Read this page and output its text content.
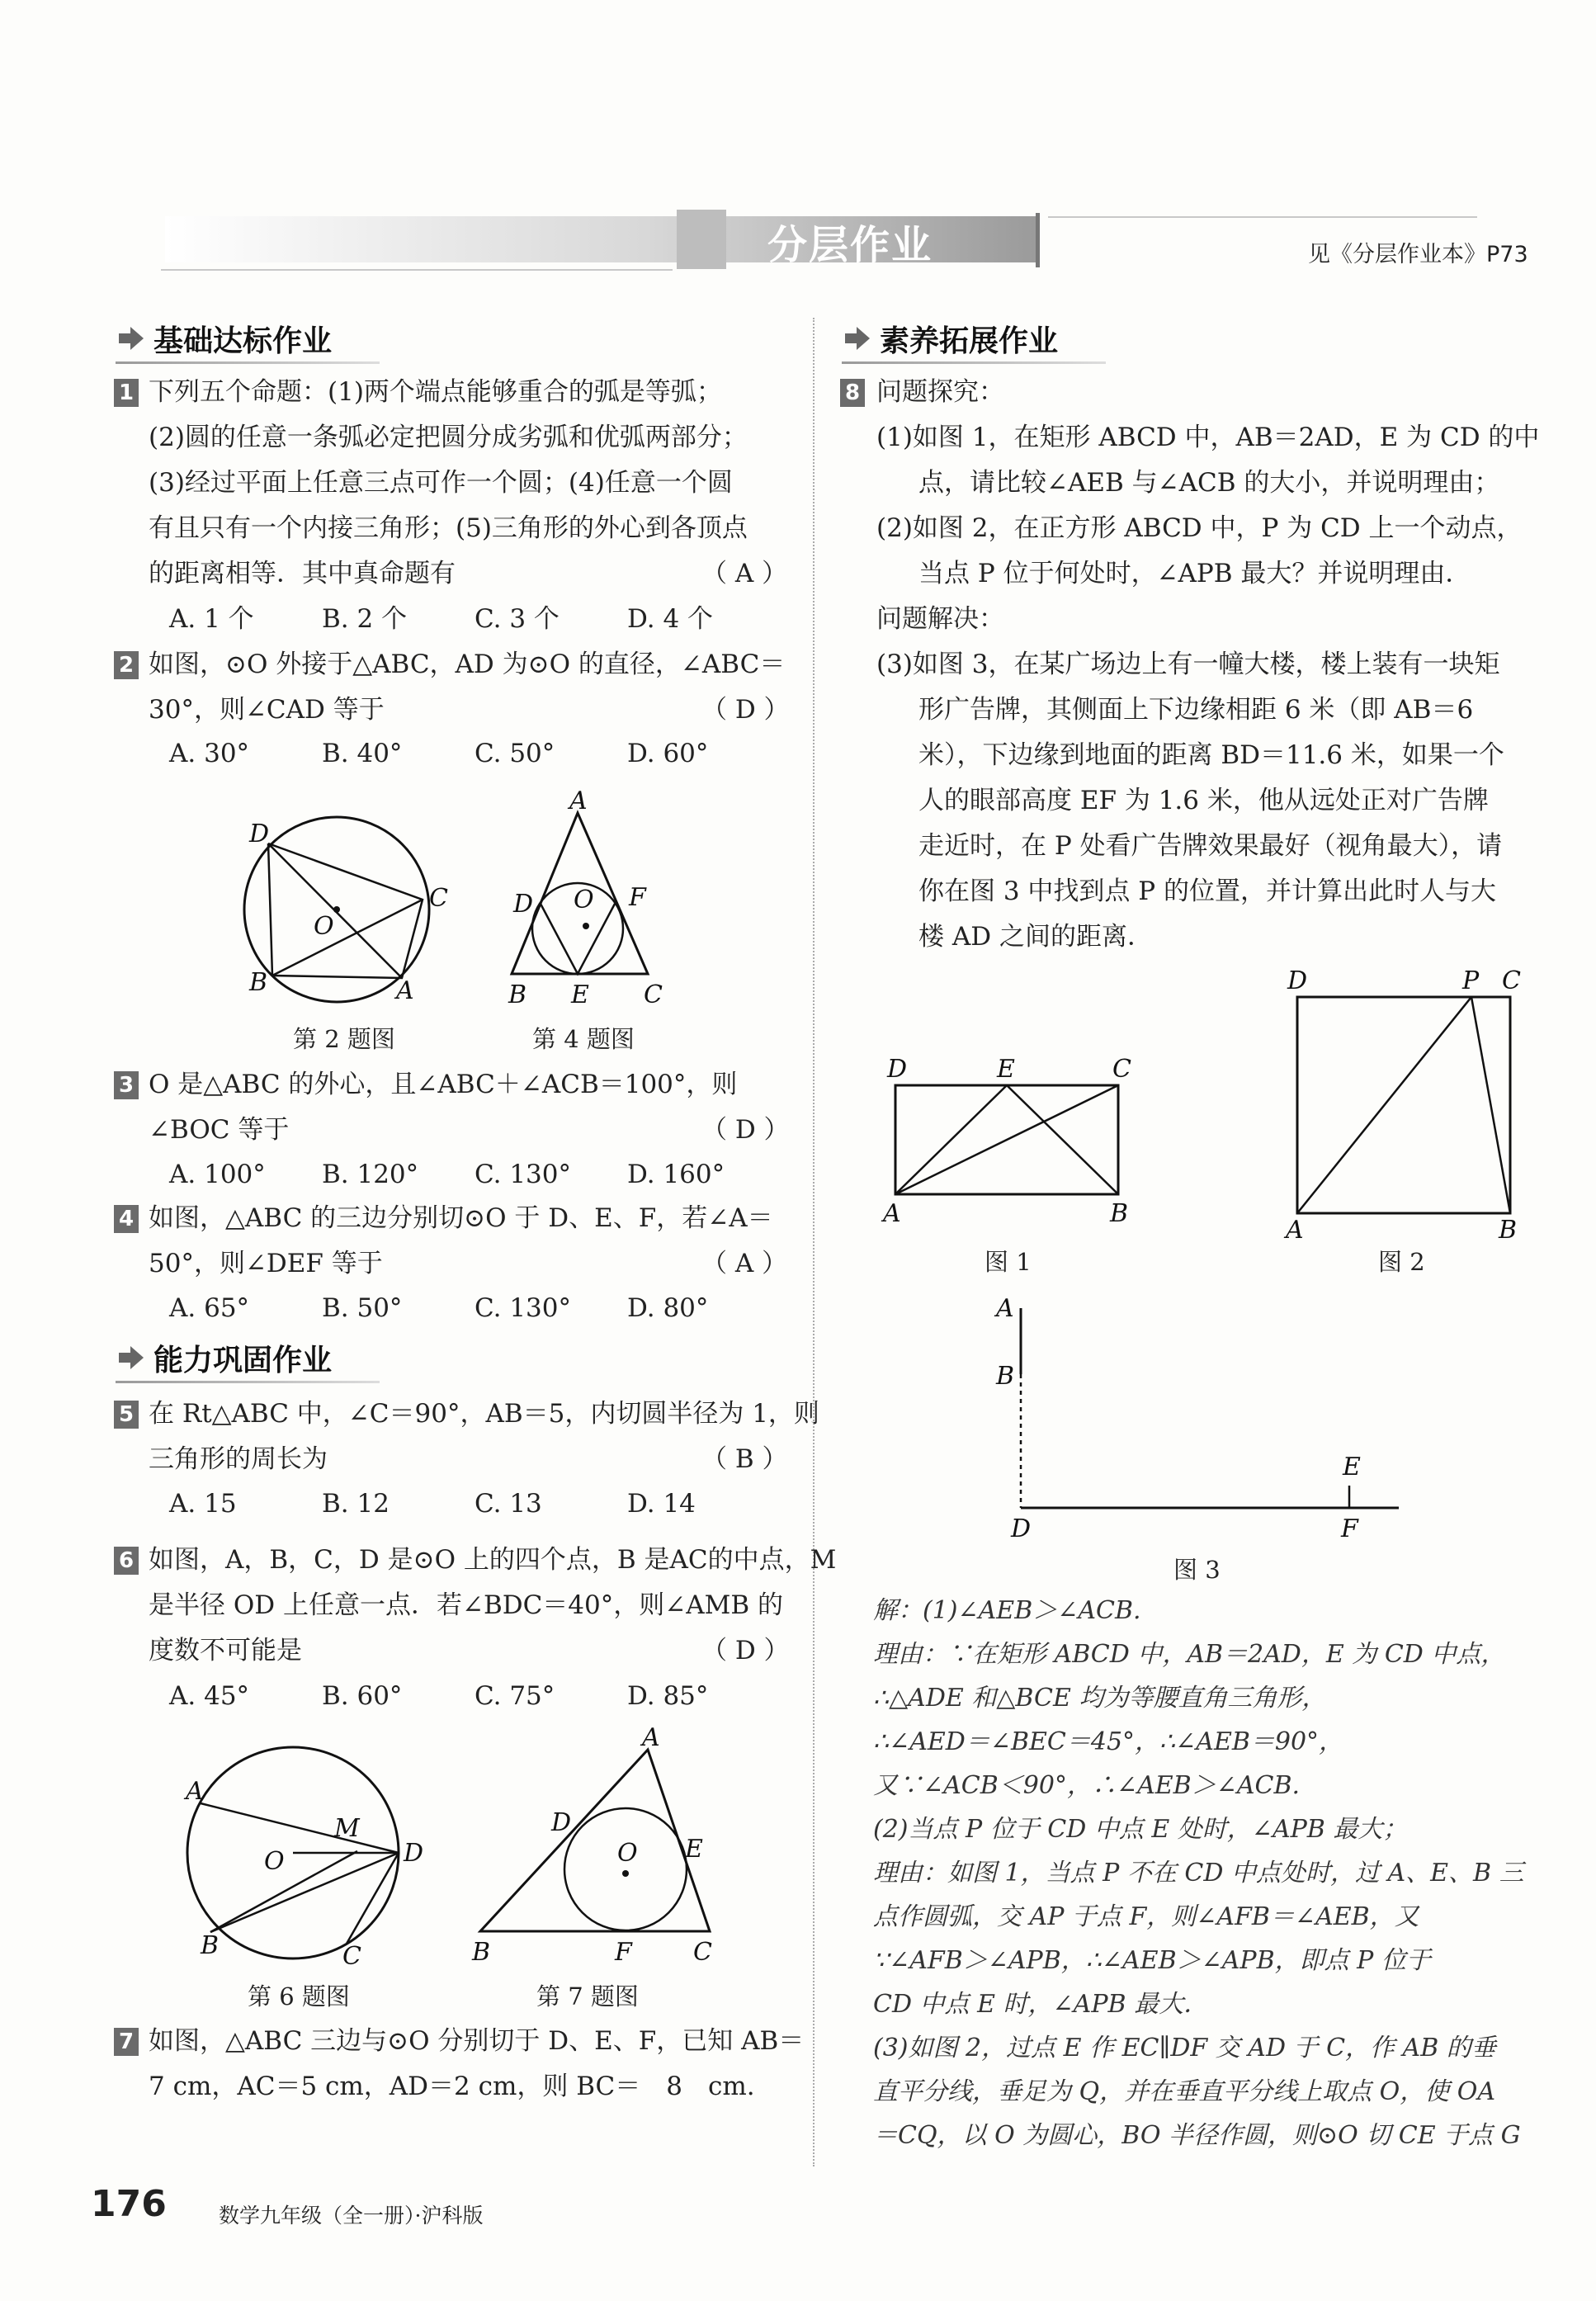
分层作业	见《分层作业本》P73
基础达标作业
1 下列五个命题：(1)两个端点能够重合的弧是等弧；
(2)圆的任意一条弧必定把圆分成劣弧和优弧两部分；
(3)经过平面上任意三点可作一个圆；(4)任意一个圆
有且只有一个内接三角形；(5)三角形的外心到各顶点
的距离相等．其中真命题有	（ A ）
A. 1 个	B. 2 个	C. 3 个	D. 4 个
2 如图，⊙O 外接于△ABC，AD 为⊙O 的直径，∠ABC＝
30°，则∠CAD 等于	（ D ）
A. 30°	B. 40°	C. 50°	D. 60°
D
C
O
B	A
A
D O F
B E C
第 2 题图	第 4 题图
3 O 是△ABC 的外心，且∠ABC＋∠ACB＝100°，则
∠BOC 等于	（ D ）
A. 100° B. 120° C. 130° D. 160°
4 如图，△ABC 的三边分别切⊙O 于 D、E、F，若∠A＝
50°，则∠DEF 等于	（ A ）
A. 65°	B. 50°	C. 130° D. 80°
能力巩固作业
5 在 Rt△ABC 中，∠C＝90°，AB＝5，内切圆半径为 1，则
三角形的周长为	（ B ）
A. 15	B. 12	C. 13	D. 14
6 如图，A，B，C，D 是⊙O 上的四个点，B 是AC的中点，M
是半径 OD 上任意一点．若∠BDC＝40°，则∠AMB 的
度数不可能是	（ D ）
A. 45°	B. 60°	C. 75°	D. 85°
A
O
M
D
B	C
A
D
O E
B	F C
第 6 题图	第 7 题图
7 如图，△ABC 三边与⊙O 分别切于 D、E、F，已知 AB＝
7 cm，AC＝5 cm，AD＝2 cm，则 BC＝　8　cm.
素养拓展作业
8 问题探究：
(1)如图 1，在矩形 ABCD 中，AB＝2AD，E 为 CD 的中
点，请比较∠AEB 与∠ACB 的大小，并说明理由；
(2)如图 2，在正方形 ABCD 中，P 为 CD 上一个动点，
当点 P 位于何处时，∠APB 最大？并说明理由．
问题解决：
(3)如图 3，在某广场边上有一幢大楼，楼上装有一块矩
形广告牌，其侧面上下边缘相距 6 米（即 AB＝6
米），下边缘到地面的距离 BD＝11.6 米，如果一个
人的眼部高度 EF 为 1.6 米，他从远处正对广告牌
走近时，在 P 处看广告牌效果最好（视角最大），请
你在图 3 中找到点 P 的位置，并计算出此时人与大
楼 AD 之间的距离．
D	E	C
A	B
图 1
D	P C
A	B
图 2
A
B
E
D	F
图 3
解：(1)∠AEB＞∠ACB.
理由：∵在矩形 ABCD 中，AB＝2AD，E 为 CD 中点，
∴△ADE 和△BCE 均为等腰直角三角形，
∴∠AED＝∠BEC＝45°，∴∠AEB＝90°，
又∵∠ACB＜90°，∴∠AEB＞∠ACB.
(2)当点 P 位于 CD 中点 E 处时，∠APB 最大；
理由：如图 1，当点 P 不在 CD 中点处时，过 A、E、B 三
点作圆弧，交 AP 于点 F，则∠AFB＝∠AEB，又
∵∠AFB＞∠APB，∴∠AEB＞∠APB，即点 P 位于
CD 中点 E 时，∠APB 最大．
(3)如图 2，过点 E 作 EC∥DF 交 AD 于 C，作 AB 的垂
直平分线，垂足为 Q，并在垂直平分线上取点 O，使 OA
＝CQ，以 O 为圆心，BO 半径作圆，则⊙O 切 CE 于点 G
176	数学九年级（全一册）·沪科版
